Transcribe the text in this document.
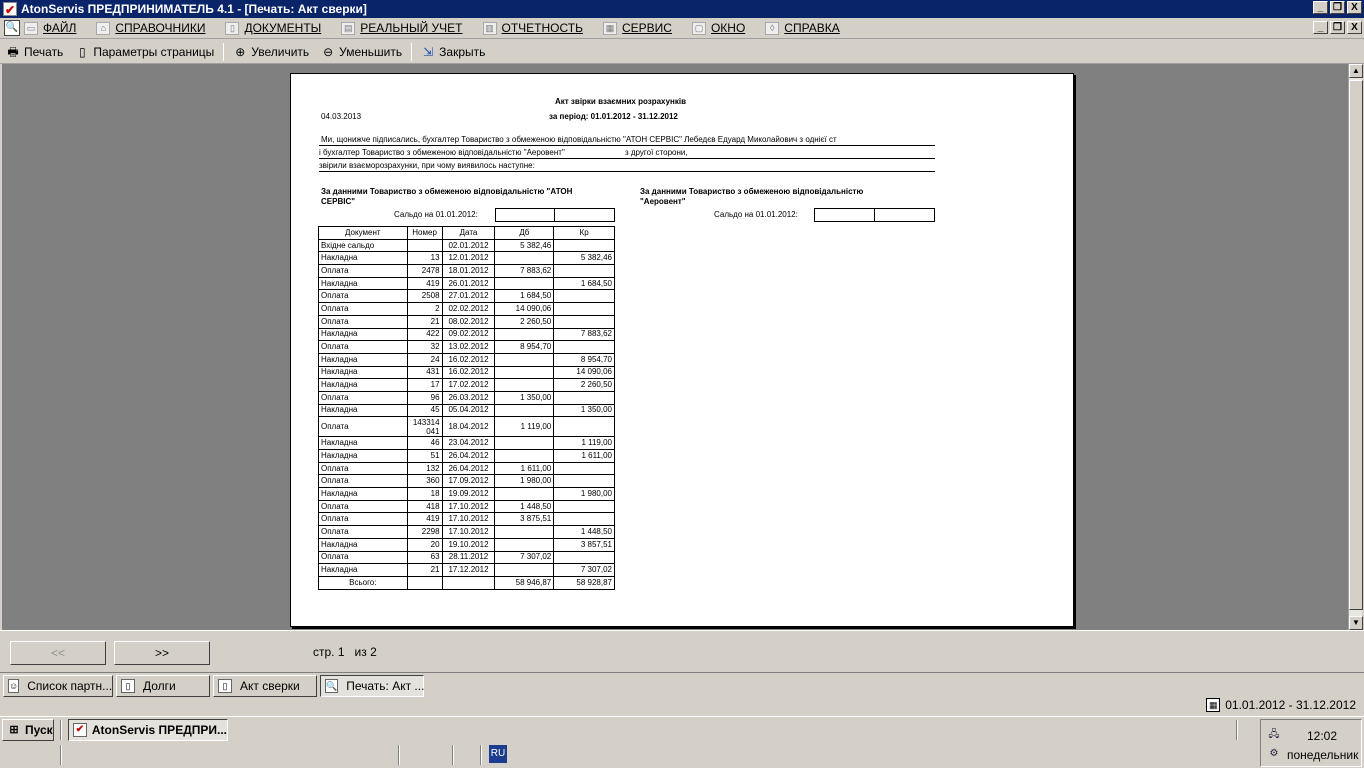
✔ AtonServis ПРЕДПРИНИМАТЕЛЬ 4.1 - [Печать: Акт сверки]	_ ❐ X
🔍 ▭ ФАЙЛ	⌂ СПРАВОЧНИКИ	▯ ДОКУМЕНТЫ	▤ РЕАЛЬНЫЙ УЧЕТ	▥ ОТЧЕТНОСТЬ	▦ СЕРВИС	▢ ОКНО	◊ СПРАВКА	_ ❐ X
🖶 Печать	▯ Параметры страницы ⊕ Увеличить ⊖ Уменьшить ⇲ Закрыть
▲
▼
Акт звірки взаємних розрахунків
за період: 01.01.2012 - 31.12.2012
04.03.2013
Ми, щонижче підписались, бухгалтер Товариство з обмеженою відповідальністю "АТОН СЕРВІС" Лебедєв Едуард Миколайович з однієї ст
і бухгалтер Товариство з обмеженою відповідальністю "Аеровент"	з другої сторони,
звірили взаєморозрахунки, при чому виявилось наступне:
За данними Товариство з обмеженою відповідальністю "АТОН
СЕРВІС"
За данними Товариство з обмеженою відповідальністю
"Аеровент"
Сальдо на 01.01.2012:	Сальдо на 01.01.2012:
Документ	Номер	Дата	Дб	Кр
Вхідне сальдо		02.01.2012	5 382,46	
Накладна	13	12.01.2012		5 382,46
Оплата	2478	18.01.2012	7 883,62	
Накладна	419	26.01.2012		1 684,50
Оплата	2508	27.01.2012	1 684,50	
Оплата	2	02.02.2012	14 090,06	
Оплата	21	08.02.2012	2 260,50	
Накладна	422	09.02.2012		7 883,62
Оплата	32	13.02.2012	8 954,70	
Накладна	24	16.02.2012		8 954,70
Накладна	431	16.02.2012		14 090,06
Накладна	17	17.02.2012		2 260,50
Оплата	96	26.03.2012	1 350,00	
Накладна	45	05.04.2012		1 350,00
Оплата	143314
041	18.04.2012	1 119,00	
Накладна	46	23.04.2012		1 119,00
Накладна	51	26.04.2012		1 611,00
Оплата	132	26.04.2012	1 611,00	
Оплата	360	17.09.2012	1 980,00	
Накладна	18	19.09.2012		1 980,00
Оплата	418	17.10.2012	1 448,50	
Оплата	419	17.10.2012	3 875,51	
Оплата	2298	17.10.2012		1 448,50
Накладна	20	19.10.2012		3 857,51
Оплата	63	28.11.2012	7 307,02	
Накладна	21	17.12.2012		7 307,02
Всього:			58 946,87	58 928,87
<<	>>	стр. 1 из 2
☺ Список партн...	▯	Долги	▯	Акт сверки	🔍 Печать: Акт ...
▦ 01.01.2012 - 31.12.2012
⊞ Пуск ✔ AtonServis ПРЕДПРИ...
RU
🖧
⚙
12:02
понедельник
